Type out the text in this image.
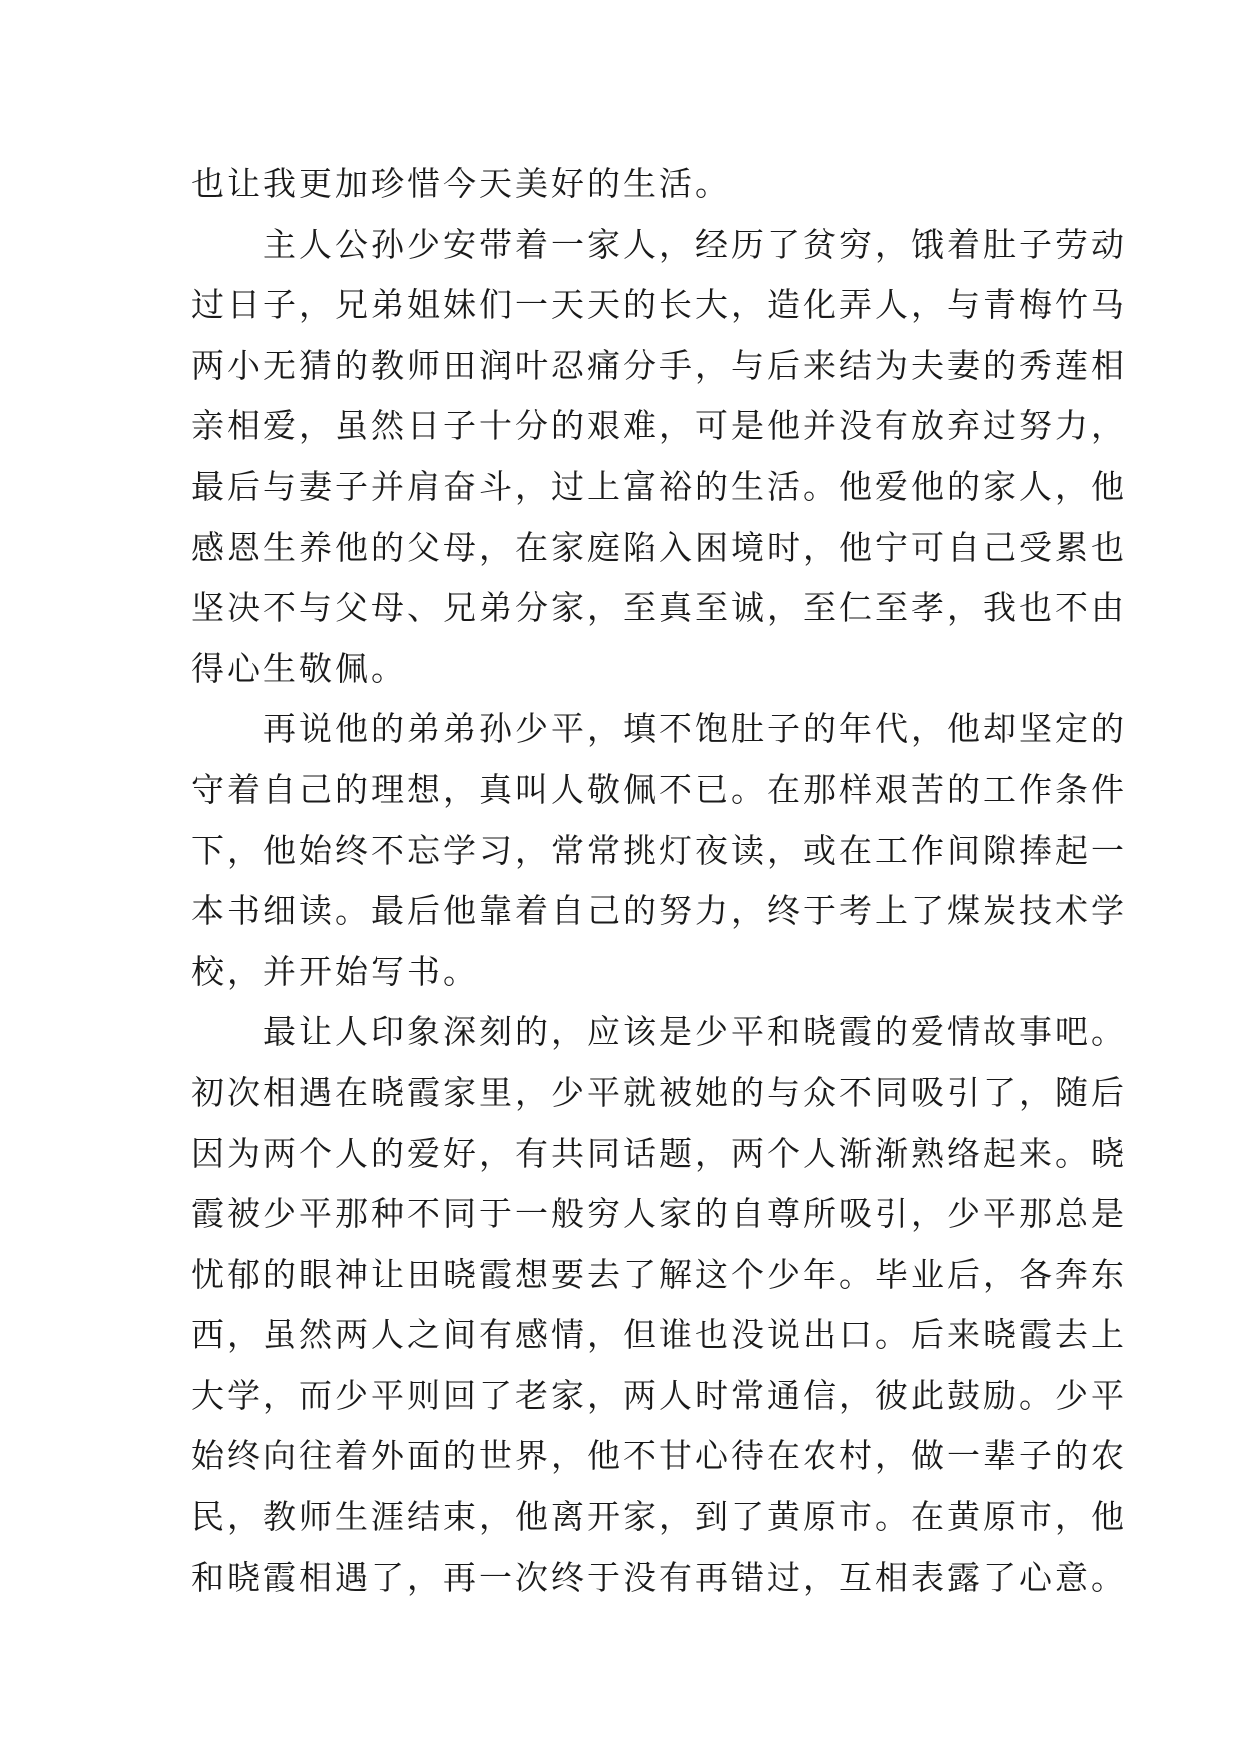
也让我更加珍惜今天美好的生活。
主人公孙少安带着一家人，经历了贫穷，饿着肚子劳动
过日子，兄弟姐妹们一天天的长大，造化弄人，与青梅竹马
两小无猜的教师田润叶忍痛分手，与后来结为夫妻的秀莲相
亲相爱，虽然日子十分的艰难，可是他并没有放弃过努力，
最后与妻子并肩奋斗，过上富裕的生活。他爱他的家人，他
感恩生养他的父母，在家庭陷入困境时，他宁可自己受累也
坚决不与父母、兄弟分家，至真至诚，至仁至孝，我也不由
得心生敬佩。
再说他的弟弟孙少平，填不饱肚子的年代，他却坚定的
守着自己的理想，真叫人敬佩不已。在那样艰苦的工作条件
下，他始终不忘学习，常常挑灯夜读，或在工作间隙捧起一
本书细读。最后他靠着自己的努力，终于考上了煤炭技术学
校，并开始写书。
最让人印象深刻的，应该是少平和晓霞的爱情故事吧。
初次相遇在晓霞家里，少平就被她的与众不同吸引了，随后
因为两个人的爱好，有共同话题，两个人渐渐熟络起来。晓
霞被少平那种不同于一般穷人家的自尊所吸引，少平那总是
忧郁的眼神让田晓霞想要去了解这个少年。毕业后，各奔东
西，虽然两人之间有感情，但谁也没说出口。后来晓霞去上
大学，而少平则回了老家，两人时常通信，彼此鼓励。少平
始终向往着外面的世界，他不甘心待在农村，做一辈子的农
民，教师生涯结束，他离开家，到了黄原市。在黄原市，他
和晓霞相遇了，再一次终于没有再错过，互相表露了心意。
